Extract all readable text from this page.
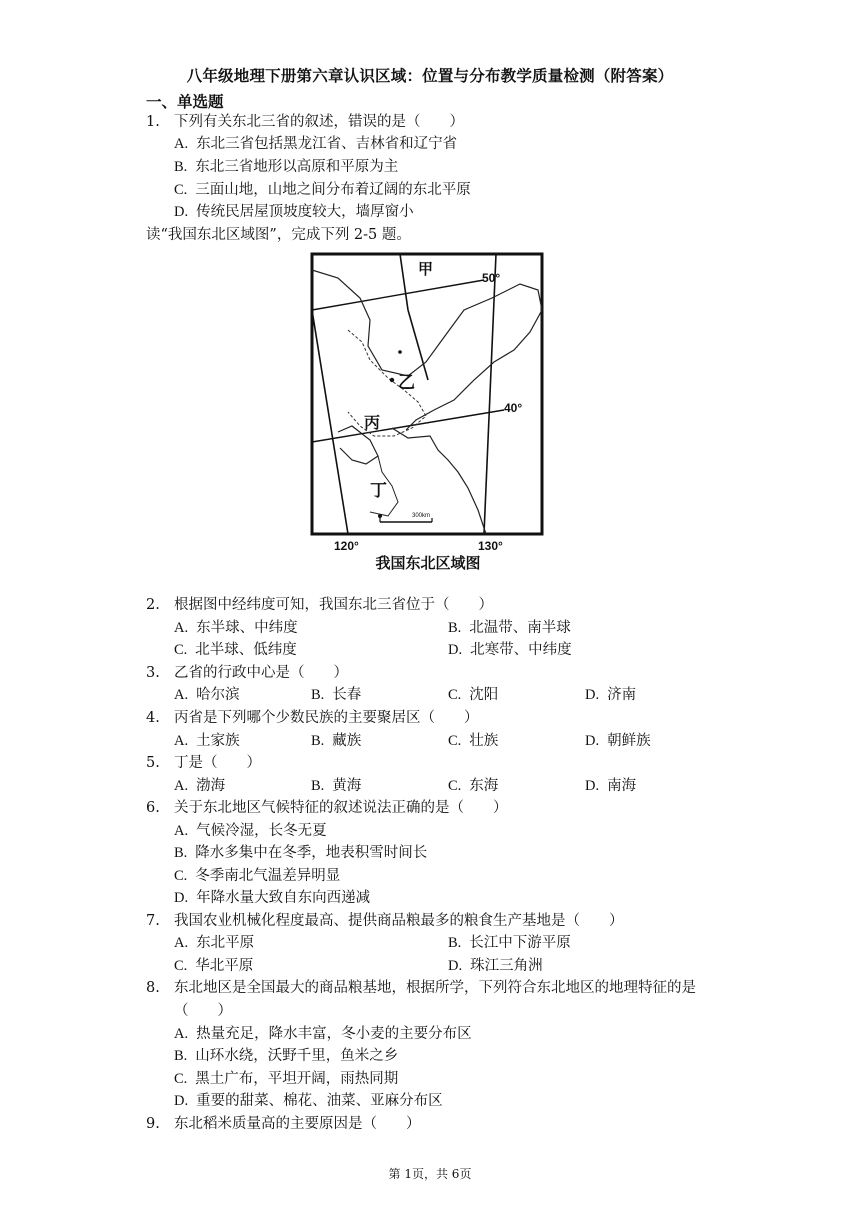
八年级地理下册第六章认识区域：位置与分布教学质量检测（附答案）
一、单选题
1. 下列有关东北三省的叙述，错误的是（　　）
A. 东北三省包括黑龙江省、吉林省和辽宁省
B. 东北三省地形以高原和平原为主
C. 三面山地，山地之间分布着辽阔的东北平原
D. 传统民居屋顶坡度较大，墙厚窗小
读“我国东北区域图”，完成下列 2-5 题。
甲
乙
丙
丁
50°
40°
120°	130°
300km
我国东北区域图
2. 根据图中经纬度可知，我国东北三省位于（　　）
A. 东半球、中纬度	B. 北温带、南半球
C. 北半球、低纬度	D. 北寒带、中纬度
3. 乙省的行政中心是（　　）
A. 哈尔滨	B. 长春	C. 沈阳	D. 济南
4. 丙省是下列哪个少数民族的主要聚居区（　　）
A. 土家族	B. 藏族	C. 壮族	D. 朝鲜族
5. 丁是（　　）
A. 渤海	B. 黄海	C. 东海	D. 南海
6. 关于东北地区气候特征的叙述说法正确的是（　　）
A. 气候冷湿，长冬无夏
B. 降水多集中在冬季，地表积雪时间长
C. 冬季南北气温差异明显
D. 年降水量大致自东向西递减
7. 我国农业机械化程度最高、提供商品粮最多的粮食生产基地是（　　）
A. 东北平原	B. 长江中下游平原
C. 华北平原	D. 珠江三角洲
8. 东北地区是全国最大的商品粮基地，根据所学，下列符合东北地区的地理特征的是
（　　）
A. 热量充足，降水丰富，冬小麦的主要分布区
B. 山环水绕，沃野千里，鱼米之乡
C. 黑土广布，平坦开阔，雨热同期
D. 重要的甜菜、棉花、油菜、亚麻分布区
9. 东北稻米质量高的主要原因是（　　）
第 1页，共 6页
